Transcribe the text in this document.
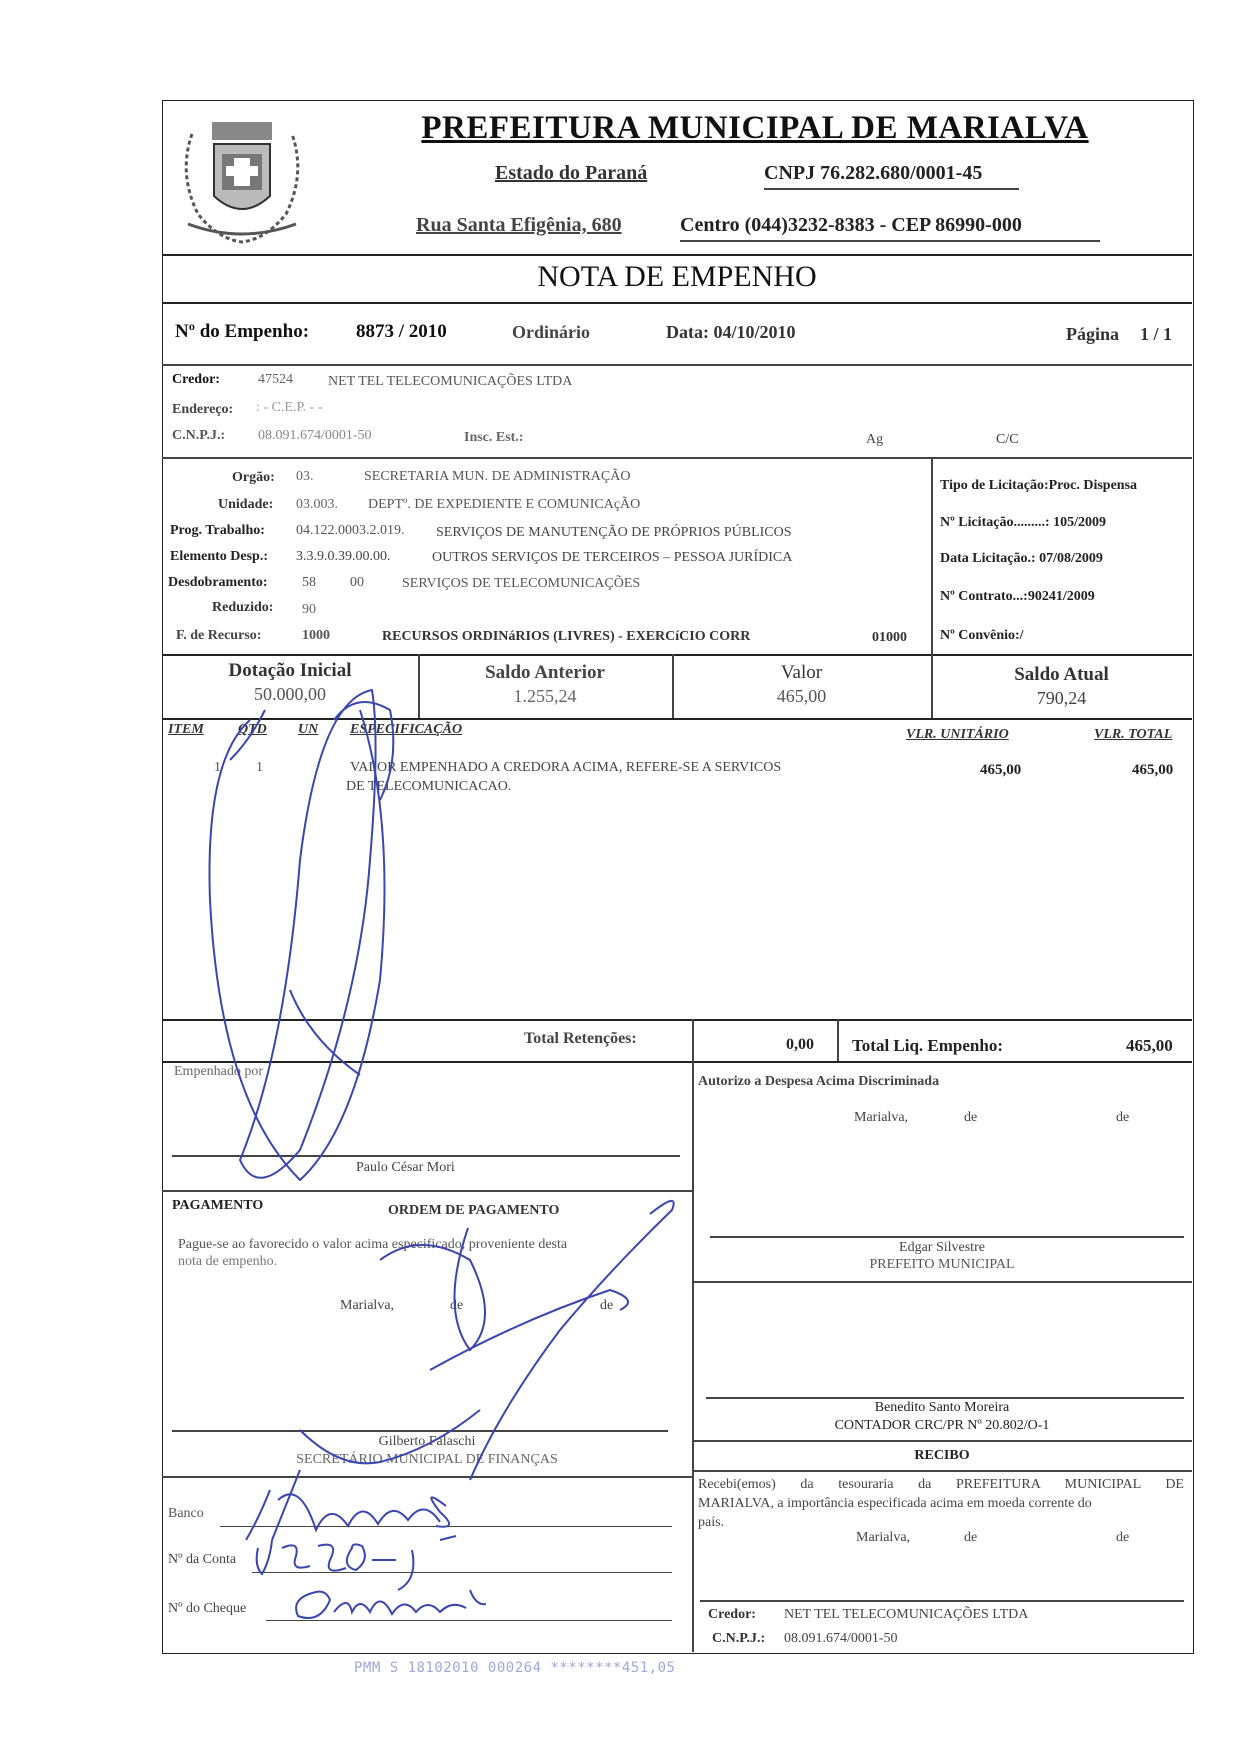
PREFEITURA MUNICIPAL DE MARIALVA
Estado do Paraná	CNPJ 76.282.680/0001-45
Rua Santa Efigênia, 680	Centro (044)3232-8383 - CEP 86990-000
NOTA DE EMPENHO
Nº do Empenho: 8873 / 2010	Ordinário	Data: 04/10/2010	Página 1 / 1
Credor:	47524	NET TEL TELECOMUNICAÇÕES LTDA
Endereço: : - C.E.P. - -
C.N.P.J.: 08.091.674/0001-50	Insc. Est.:	Ag	C/C
Orgão: 03.	SECRETARIA MUN. DE ADMINISTRAÇÃO
Unidade: 03.003. DEPTº. DE EXPEDIENTE E COMUNICAçÃO
Prog. Trabalho: 04.122.0003.2.019. SERVIÇOS DE MANUTENÇÃO DE PRÓPRIOS PÚBLICOS
Elemento Desp.: 3.3.9.0.39.00.00.	OUTROS SERVIÇOS DE TERCEIROS – PESSOA JURÍDICA
Desdobramento: 58 00	SERVIÇOS DE TELECOMUNICAÇÕES
Reduzido: 90
F. de Recurso:	1000	RECURSOS ORDINáRIOS (LIVRES) - EXERCíCIO CORR	01000
Tipo de Licitação:Proc. Dispensa
Nº Licitação.........: 105/2009
Data Licitação.: 07/08/2009
Nº Contrato...:90241/2009
Nº Convênio:/
Dotação Inicial
50.000,00
Saldo Anterior
1.255,24
Valor
465,00
Saldo Atual
790,24
ITEM QTD UN ESPECIFICAÇÃO	VLR. UNITÁRIO	VLR. TOTAL
1	1	VALOR EMPENHADO A CREDORA ACIMA, REFERE-SE A SERVICOS
DE TELECOMUNICACAO.
465,00	465,00
Total Retenções:	0,00 Total Liq. Empenho:	465,00
Empenhado por
Paulo César Mori
Autorizo a Despesa Acima Discriminada
Marialva,	de	de
Edgar Silvestre
PREFEITO MUNICIPAL
Benedito Santo Moreira
CONTADOR CRC/PR Nº 20.802/O-1
PAGAMENTO	ORDEM DE PAGAMENTO
Pague-se ao favorecido o valor acima especificado, proveniente desta
nota de empenho.
Marialva,	de	de
Gilberto Falaschi
SECRETÁRIO MUNICIPAL DE FINANÇAS
Banco
Nº da Conta
Nº do Cheque
RECIBO
Recebi(emos) da tesouraria da PREFEITURA MUNICIPAL DE
MARIALVA, a importância especificada acima em moeda corrente do
país.
Marialva,	de	de
Credor: NET TEL TELECOMUNICAÇÕES LTDA
C.N.P.J.: 08.091.674/0001-50
PMM S 18102010 000264 ********451,05
